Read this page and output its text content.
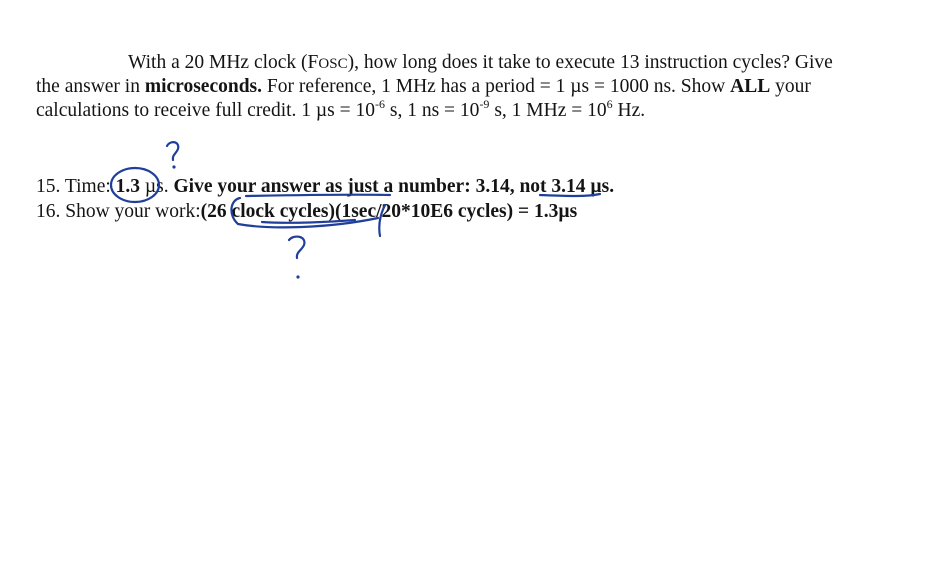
With a 20 MHz clock (FOSC), how long does it take to execute 13 instruction cycles? Give
the answer in microseconds. For reference, 1 MHz has a period = 1 µs = 1000 ns. Show ALL your
calculations to receive full credit. 1 $\mu s = 10^{-6}$ s, 1 ns = $10^{-9}$ s, 1 MHz = $10^6$ Hz.
15. Time: 1.3 µs. Give your answer as just a number: 3.14, not 3.14 µs.
16. Show your work:(26 clock cycles)(1sec/20*10E6 cycles) = 1.3µs
